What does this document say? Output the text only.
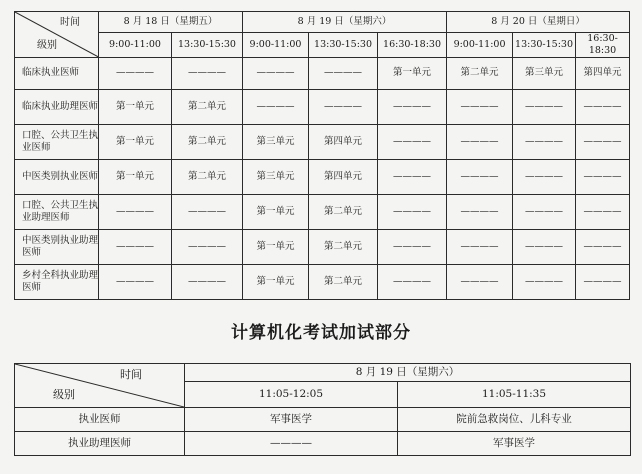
时间
级别	8 月 18 日（星期五）		8 月 19 日（星期六）			8 月 20 日（星期日）		
	9:00-11:00	13:30-15:30	9:00-11:00	13:30-15:30	16:30-18:30	9:00-11:00	13:30-15:30	16:30-18:30
临床执业医师	————	————	————	————	第一单元	第二单元	第三单元	第四单元
临床执业助理医师	第一单元	第二单元	————	————	————	————	————	————
口腔、公共卫生执业医师	第一单元	第二单元	第三单元	第四单元	————	————	————	————
中医类别执业医师	第一单元	第二单元	第三单元	第四单元	————	————	————	————
口腔、公共卫生执业助理医师	————	————	第一单元	第二单元	————	————	————	————
中医类别执业助理医师	————	————	第一单元	第二单元	————	————	————	————
乡村全科执业助理医师	————	————	第一单元	第二单元	————	————	————	————
计算机化考试加试部分
时间
级别	8 月 19 日（星期六）	
	11:05-12:05	11:05-11:35
执业医师	军事医学	院前急救岗位、儿科专业
执业助理医师	————	军事医学
